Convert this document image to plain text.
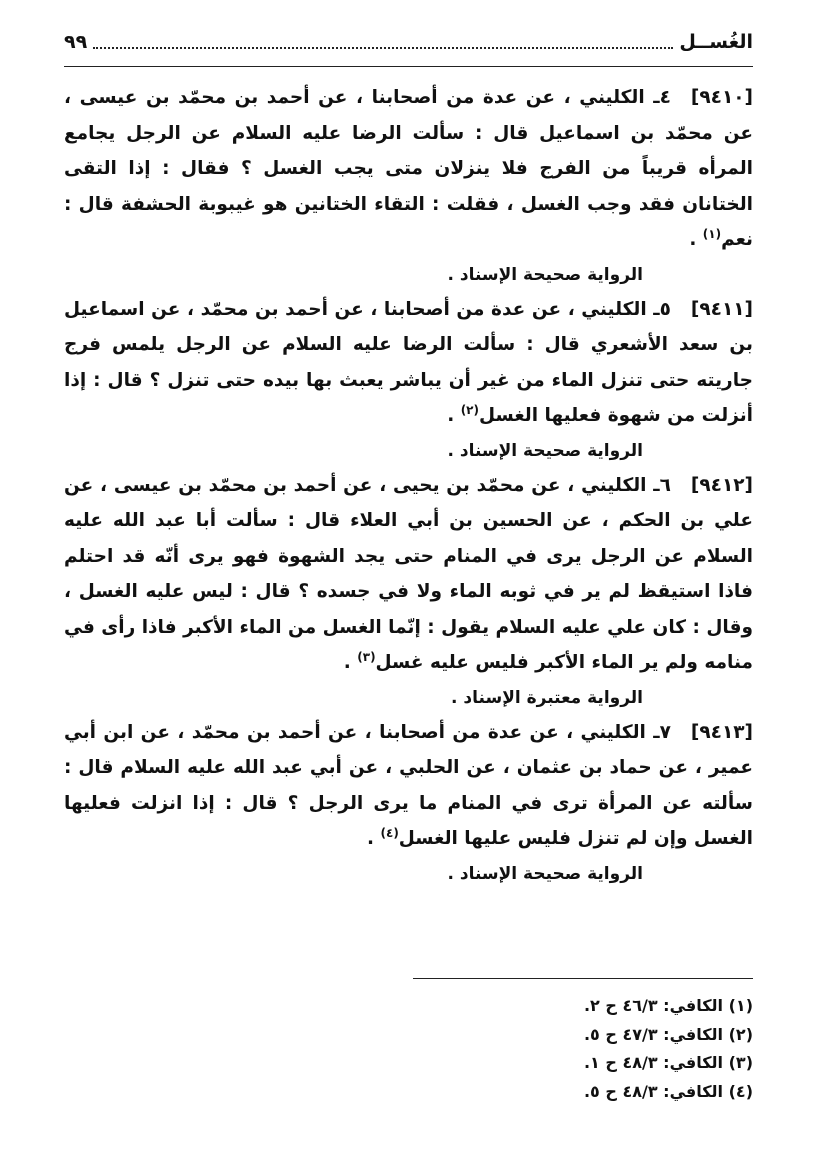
الغُســل
٩٩

[٩٤١٠]٤ـ الكليني ، عن عدة من أصحابنا ، عن أحمد بن محمّد بن عيسى ، عن محمّد بن اسماعيل قال : سألت الرضا عليه السلام عن الرجل يجامع المرأه قريباً من الفرج فلا ينزلان متى يجب الغسل ؟ فقال : إذا التقى الختانان فقد وجب الغسل ، فقلت : التقاء الختانين هو غيبوبة الحشفة قال : نعم$^{(١)}$ .

الرواية صحيحة الإسناد .

[٩٤١١]٥ـ الكليني ، عن عدة من أصحابنا ، عن أحمد بن محمّد ، عن اسماعيل بن سعد الأشعري قال : سألت الرضا عليه السلام عن الرجل يلمس فرج جاريته حتى تنزل الماء من غير أن يباشر يعبث بها بيده حتى تنزل ؟ قال : إذا أنزلت من شهوة فعليها الغسل$^{(٢)}$ .

الرواية صحيحة الإسناد .

[٩٤١٢]٦ـ الكليني ، عن محمّد بن يحيى ، عن أحمد بن محمّد بن عيسى ، عن علي بن الحكم ، عن الحسين بن أبي العلاء قال : سألت أبا عبد الله عليه السلام عن الرجل يرى في المنام حتى يجد الشهوة فهو يرى أنّه قد احتلم فاذا استيقظ لم ير في ثوبه الماء ولا في جسده ؟ قال : ليس عليه الغسل ، وقال : كان علي عليه السلام يقول : إنّما الغسل من الماء الأكبر فاذا رأى في منامه ولم ير الماء الأكبر فليس عليه غسل$^{(٣)}$ .

الرواية معتبرة الإسناد .

[٩٤١٣]٧ـ الكليني ، عن عدة من أصحابنا ، عن أحمد بن محمّد ، عن ابن أبي عمير ، عن حماد بن عثمان ، عن الحلبي ، عن أبي عبد الله عليه السلام قال : سألته عن المرأة ترى في المنام ما يرى الرجل ؟ قال : إذا انزلت فعليها الغسل وإن لم تنزل فليس عليها الغسل$^{(٤)}$ .

الرواية صحيحة الإسناد .

(١) الكافي: ٤٦/٣ ح ٢.
(٢) الكافي: ٤٧/٣ ح ٥.
(٣) الكافي: ٤٨/٣ ح ١.
(٤) الكافي: ٤٨/٣ ح ٥.
